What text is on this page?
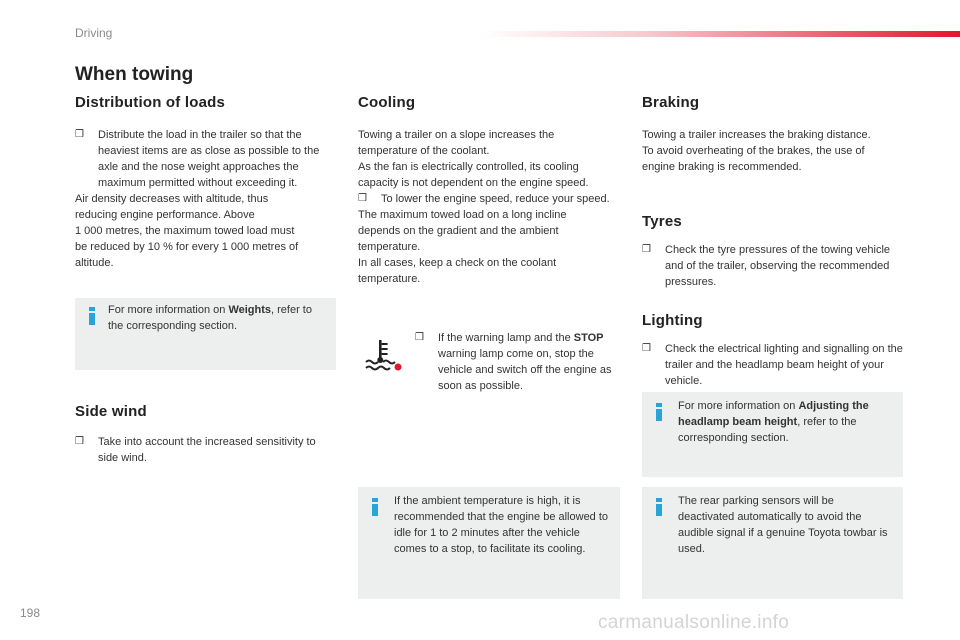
Driving
When towing
Distribution of loads
❒	Distribute the load in the trailer so that the heaviest items are as close as possible to the axle and the nose weight approaches the maximum permitted without exceeding it.

Air density decreases with altitude, thus

reducing engine performance. Above

1 000 metres, the maximum towed load must

be reduced by 10 % for every 1 000 metres of

altitude.

For more information on Weights, refer to the corresponding section.
Side wind
❒	Take into account the increased sensitivity to side wind.
Cooling

Towing a trailer on a slope increases the

temperature of the coolant.

As the fan is electrically controlled, its cooling

capacity is not dependent on the engine speed.

❒	To lower the engine speed, reduce your speed.

The maximum towed load on a long incline

depends on the gradient and the ambient

temperature.

In all cases, keep a check on the coolant

temperature.

❒	If the warning lamp and the STOP warning lamp come on, stop the vehicle and switch off the engine as soon as possible.
If the ambient temperature is high, it is recommended that the engine be allowed to idle for 1 to 2 minutes after the vehicle comes to a stop, to facilitate its cooling.
Braking

Towing a trailer increases the braking distance.

To avoid overheating of the brakes, the use of

engine braking is recommended.

Tyres
❒	Check the tyre pressures of the towing vehicle and of the trailer, observing the recommended pressures.
Lighting
❒	Check the electrical lighting and signalling on the trailer and the headlamp beam height of your vehicle.
For more information on Adjusting the headlamp beam height, refer to the corresponding section.
The rear parking sensors will be deactivated automatically to avoid the audible signal if a genuine Toyota towbar is used.
198	carmanualsonline.info
